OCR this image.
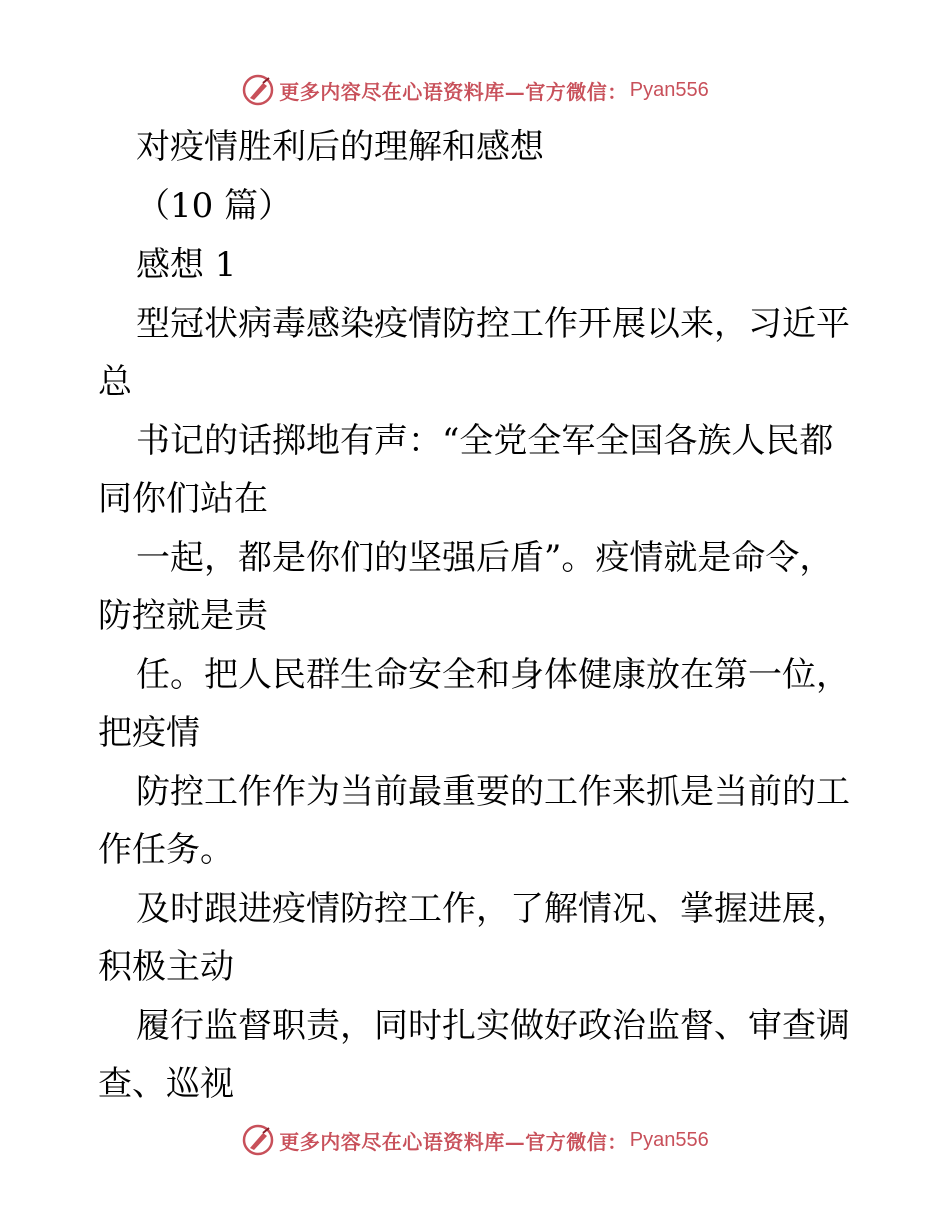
更多内容尽在心语资料库—官方微信： Pyan556
对疫情胜利后的理解和感想
（10 篇）
感想 1
型冠状病毒感染疫情防控工作开展以来，习近平
总
书记的话掷地有声：“全党全军全国各族人民都
同你们站在
一起，都是你们的坚强后盾”。疫情就是命令，
防控就是责
任。把人民群生命安全和身体健康放在第一位，
把疫情
防控工作作为当前最重要的工作来抓是当前的工
作任务。
及时跟进疫情防控工作，了解情况、掌握进展，
积极主动
履行监督职责，同时扎实做好政治监督、审查调
查、巡视
更多内容尽在心语资料库—官方微信： Pyan556
